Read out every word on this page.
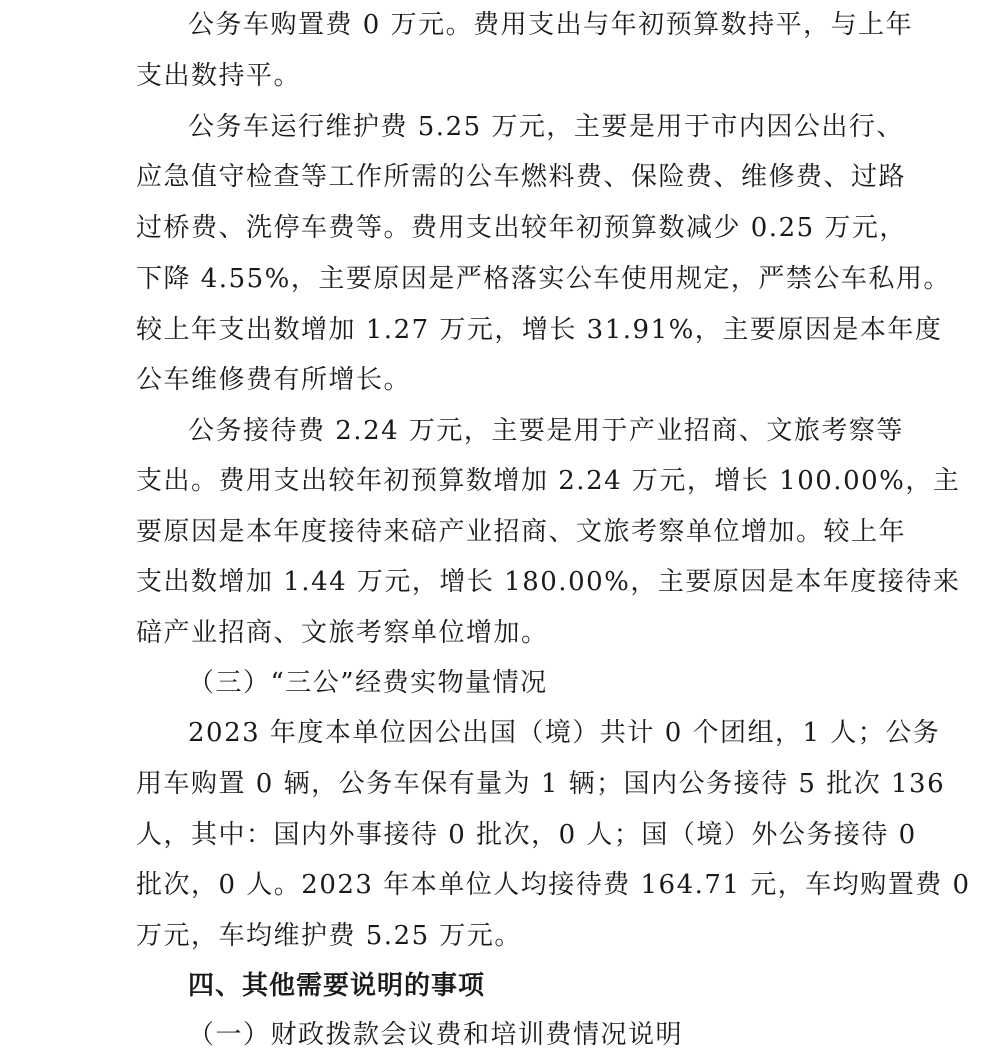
公务车购置费 0 万元。费用支出与年初预算数持平，与上年
支出数持平。
公务车运行维护费 5.25 万元，主要是用于市内因公出行、
应急值守检查等工作所需的公车燃料费、保险费、维修费、过路
过桥费、洗停车费等。费用支出较年初预算数减少 0.25 万元，
下降 4.55%，主要原因是严格落实公车使用规定，严禁公车私用。
较上年支出数增加 1.27 万元，增长 31.91%，主要原因是本年度
公车维修费有所增长。
公务接待费 2.24 万元，主要是用于产业招商、文旅考察等
支出。费用支出较年初预算数增加 2.24 万元，增长 100.00%，主
要原因是本年度接待来碚产业招商、文旅考察单位增加。较上年
支出数增加 1.44 万元，增长 180.00%，主要原因是本年度接待来
碚产业招商、文旅考察单位增加。
（三）“三公”经费实物量情况
2023 年度本单位因公出国（境）共计 0 个团组，1 人；公务
用车购置 0 辆，公务车保有量为 1 辆；国内公务接待 5 批次 136
人，其中：国内外事接待 0 批次，0 人；国（境）外公务接待 0
批次，0 人。2023 年本单位人均接待费 164.71 元，车均购置费 0
万元，车均维护费 5.25 万元。
四、其他需要说明的事项
（一）财政拨款会议费和培训费情况说明
